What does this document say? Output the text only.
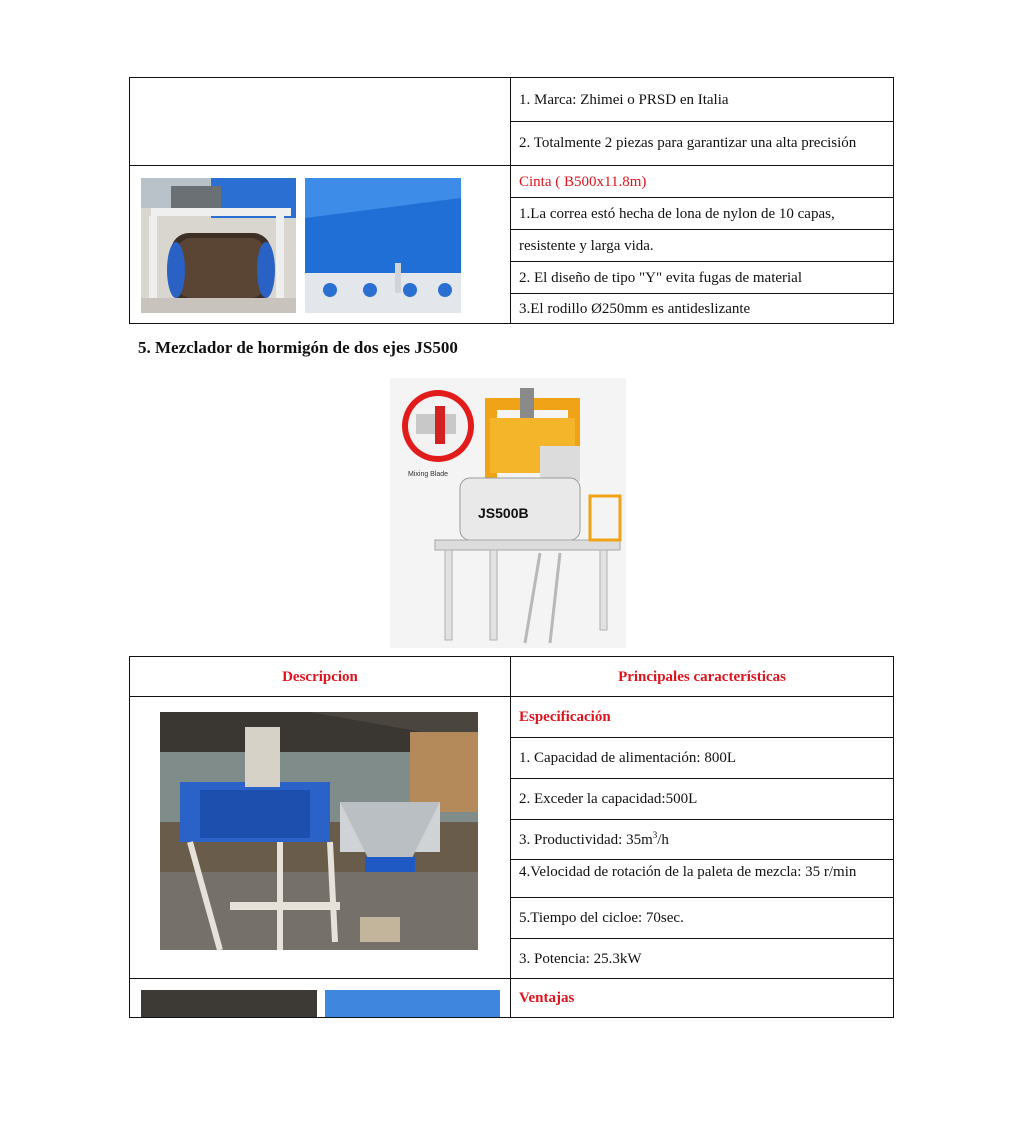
	1. Marca: Zhimei o PRSD en Italia
	2. Totalmente 2 piezas para garantizar una alta precisión

	Cinta ( B500x11.8m)
	1.La correa estó hecha de lona de nylon de 10 capas,
	resistente y larga vida.
	2. El diseño de tipo "Y" evita fugas de material
	3.El rodillo Ø250mm es antideslizante
5. Mezclador de hormigón de dos ejes JS500
Mixing Blade
JS500B
Descripcion	Principales características

	Especificación
	1. Capacidad de alimentación: 800L
	2. Exceder la capacidad:500L
	3. Productividad: $35m^3/h$

	4.Velocidad de rotación de la paleta de mezcla: 35 r/min

	5.Tiempo del cicloe: 70sec.
	3. Potencia: 25.3kW

	Ventajas
